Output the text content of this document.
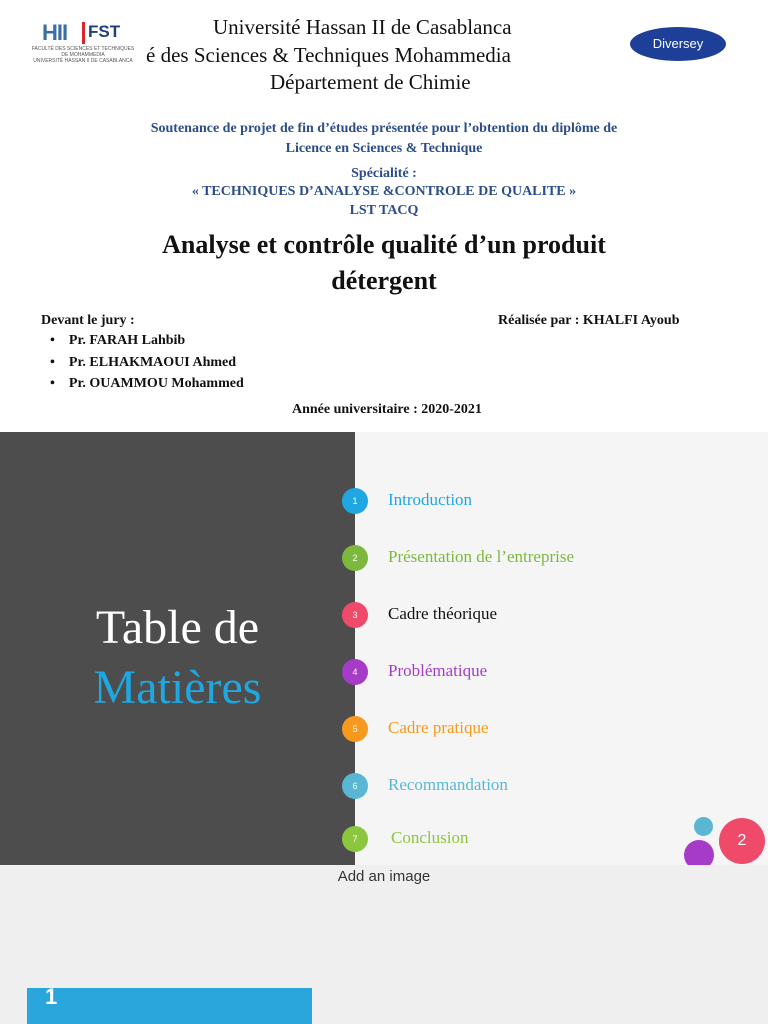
HII FST
FACULTÉ DES SCIENCES ET TECHNIQUES DE MOHAMMEDIA
UNIVERSITÉ HASSAN II DE CASABLANCA
Université Hassan II de Casablanca
é des Sciences & Techniques Mohammedia
Département de Chimie
Diversey
Soutenance de projet de fin d’études présentée pour l’obtention du diplôme de
Licence en Sciences & Technique
Spécialité :
« TECHNIQUES D’ANALYSE &CONTROLE DE QUALITE »
LST TACQ
Analyse et contrôle qualité d’un produit
détergent
Devant le jury :	Réalisée par : KHALFI Ayoub
•    Pr. FARAH Lahbib
•    Pr. ELHAKMAOUI Ahmed
•    Pr. OUAMMOU Mohammed
Année universitaire : 2020-2021
Table de
Matières
1	Introduction
2	Présentation de l’entreprise
3	Cadre théorique
4	Problématique
5	Cadre pratique
6	Recommandation
7	Conclusion	2
Add an image
1
